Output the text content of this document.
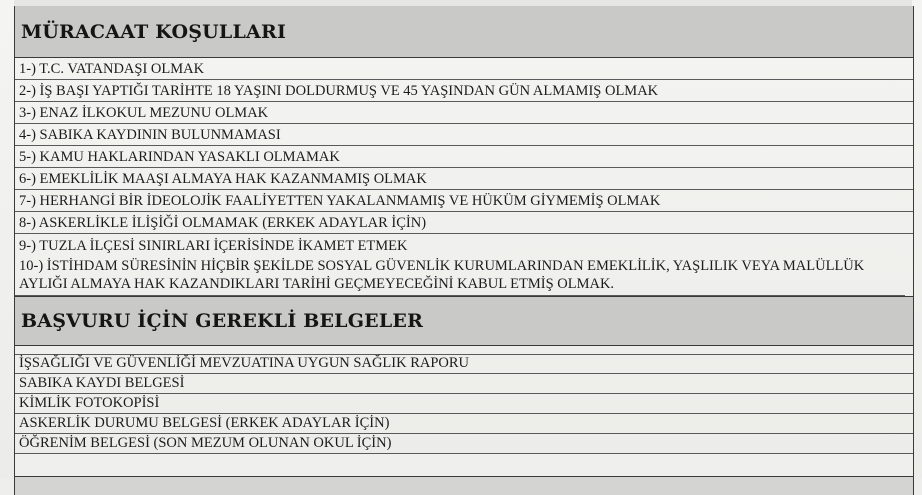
MÜRACAAT KOŞULLARI
1-) T.C. VATANDAŞI OLMAK
2-) İŞ BAŞI YAPTIĞI TARİHTE 18 YAŞINI DOLDURMUŞ VE 45 YAŞINDAN GÜN ALMAMIŞ OLMAK
3-) ENAZ İLKOKUL MEZUNU OLMAK
4-) SABIKA KAYDININ BULUNMAMASI
5-) KAMU HAKLARINDAN YASAKLI OLMAMAK
6-) EMEKLİLİK MAAŞI ALMAYA HAK KAZANMAMIŞ OLMAK
7-) HERHANGİ BİR İDEOLOJİK FAALİYETTEN YAKALANMAMIŞ VE HÜKÜM GİYMEMİŞ OLMAK
8-) ASKERLİKLE İLİŞİĞİ OLMAMAK (ERKEK ADAYLAR İÇİN)
9-) TUZLA İLÇESİ SINIRLARI İÇERİSİNDE İKAMET ETMEK
10-) İSTİHDAM SÜRESİNİN HİÇBİR ŞEKİLDE SOSYAL GÜVENLİK KURUMLARINDAN EMEKLİLİK, YAŞLILIK VEYA MALÜLLÜK AYLIĞI ALMAYA HAK KAZANDIKLARI TARİHİ GEÇMEYECEĞİNİ KABUL ETMİŞ OLMAK.
BAŞVURU İÇİN GEREKLİ BELGELER
İŞSAĞLIĞI VE GÜVENLİĞİ MEVZUATINA UYGUN SAĞLIK RAPORU
SABIKA KAYDI BELGESİ
KİMLİK FOTOKOPİSİ
ASKERLİK DURUMU BELGESİ (ERKEK ADAYLAR İÇİN)
ÖĞRENİM BELGESİ (SON MEZUM OLUNAN OKUL İÇİN)
